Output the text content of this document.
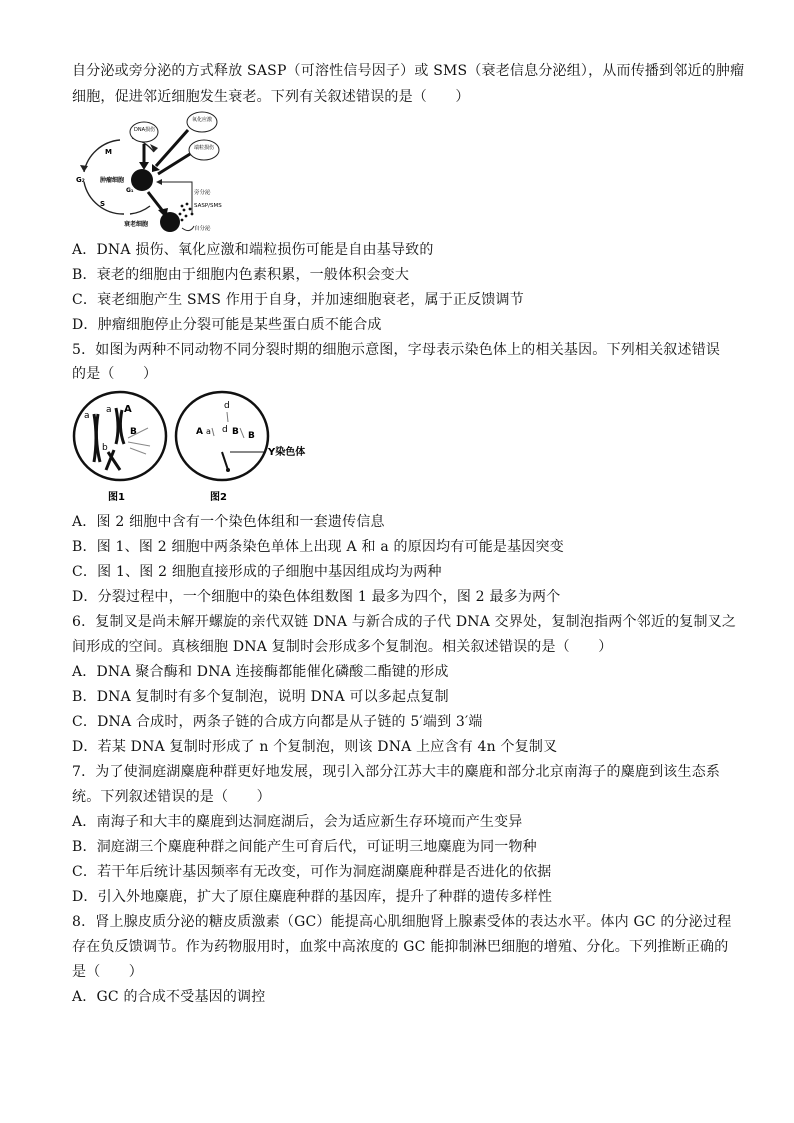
自分泌或旁分泌的方式释放 SASP（可溶性信号因子）或 SMS（衰老信息分泌组），从而传播到邻近的肿瘤
细胞，促进邻近细胞发生衰老。下列有关叙述错误的是（　　）
M
G₂
S
G₁
肿瘤细胞
DNA损伤
氧化应激
端粒损伤
衰老细胞
旁分泌
SASP/SMS
自分泌
A．DNA 损伤、氧化应激和端粒损伤可能是自由基导致的
B．衰老的细胞由于细胞内色素积累，一般体积会变大
C．衰老细胞产生 SMS 作用于自身，并加速细胞衰老，属于正反馈调节
D．肿瘤细胞停止分裂可能是某些蛋白质不能合成
5．如图为两种不同动物不同分裂时期的细胞示意图，字母表示染色体上的相关基因。下列相关叙述错误
的是（　　）
a
a A
b
B
图1
A a
d
d B B
Y染色体
图2
A．图 2 细胞中含有一个染色体组和一套遗传信息
B．图 1、图 2 细胞中两条染色单体上出现 A 和 a 的原因均有可能是基因突变
C．图 1、图 2 细胞直接形成的子细胞中基因组成均为两种
D．分裂过程中，一个细胞中的染色体组数图 1 最多为四个，图 2 最多为两个
6．复制叉是尚未解开螺旋的亲代双链 DNA 与新合成的子代 DNA 交界处，复制泡指两个邻近的复制叉之
间形成的空间。真核细胞 DNA 复制时会形成多个复制泡。相关叙述错误的是（　　）
A．DNA 聚合酶和 DNA 连接酶都能催化磷酸二酯键的形成
B．DNA 复制时有多个复制泡，说明 DNA 可以多起点复制
C．DNA 合成时，两条子链的合成方向都是从子链的 5′端到 3′端
D．若某 DNA 复制时形成了 n 个复制泡，则该 DNA 上应含有 4n 个复制叉
7．为了使洞庭湖麋鹿种群更好地发展，现引入部分江苏大丰的麋鹿和部分北京南海子的麋鹿到该生态系
统。下列叙述错误的是（　　）
A．南海子和大丰的麋鹿到达洞庭湖后，会为适应新生存环境而产生变异
B．洞庭湖三个麋鹿种群之间能产生可育后代，可证明三地麋鹿为同一物种
C．若干年后统计基因频率有无改变，可作为洞庭湖麋鹿种群是否进化的依据
D．引入外地麋鹿，扩大了原住麋鹿种群的基因库，提升了种群的遗传多样性
8．肾上腺皮质分泌的糖皮质激素（GC）能提高心肌细胞肾上腺素受体的表达水平。体内 GC 的分泌过程
存在负反馈调节。作为药物服用时，血浆中高浓度的 GC 能抑制淋巴细胞的增殖、分化。下列推断正确的
是（　　）
A．GC 的合成不受基因的调控
